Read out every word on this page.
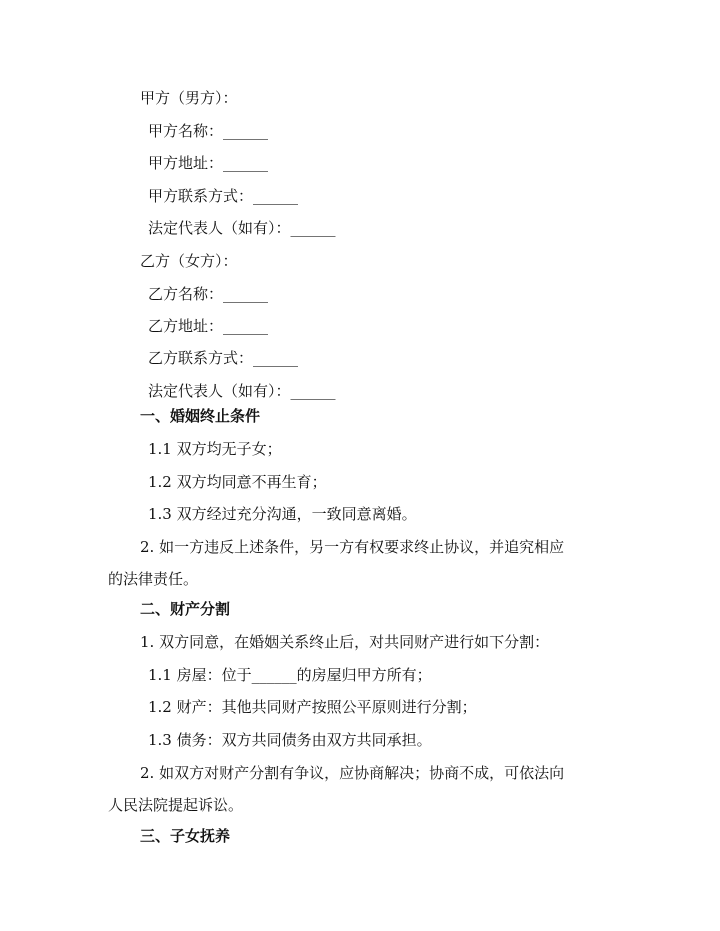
甲方（男方）：

甲方名称：______

甲方地址：______

甲方联系方式：______

法定代表人（如有）：______

乙方（女方）：

乙方名称：______

乙方地址：______

乙方联系方式：______

法定代表人（如有）：______

一、婚姻终止条件

1.1 双方均无子女；

1.2 双方均同意不再生育；

1.3 双方经过充分沟通，一致同意离婚。

2. 如一方违反上述条件，另一方有权要求终止协议，并追究相应

的法律责任。

二、财产分割

1. 双方同意，在婚姻关系终止后，对共同财产进行如下分割：

1.1 房屋：位于______的房屋归甲方所有；

1.2 财产：其他共同财产按照公平原则进行分割；

1.3 债务：双方共同债务由双方共同承担。

2. 如双方对财产分割有争议，应协商解决；协商不成，可依法向

人民法院提起诉讼。

三、子女抚养
